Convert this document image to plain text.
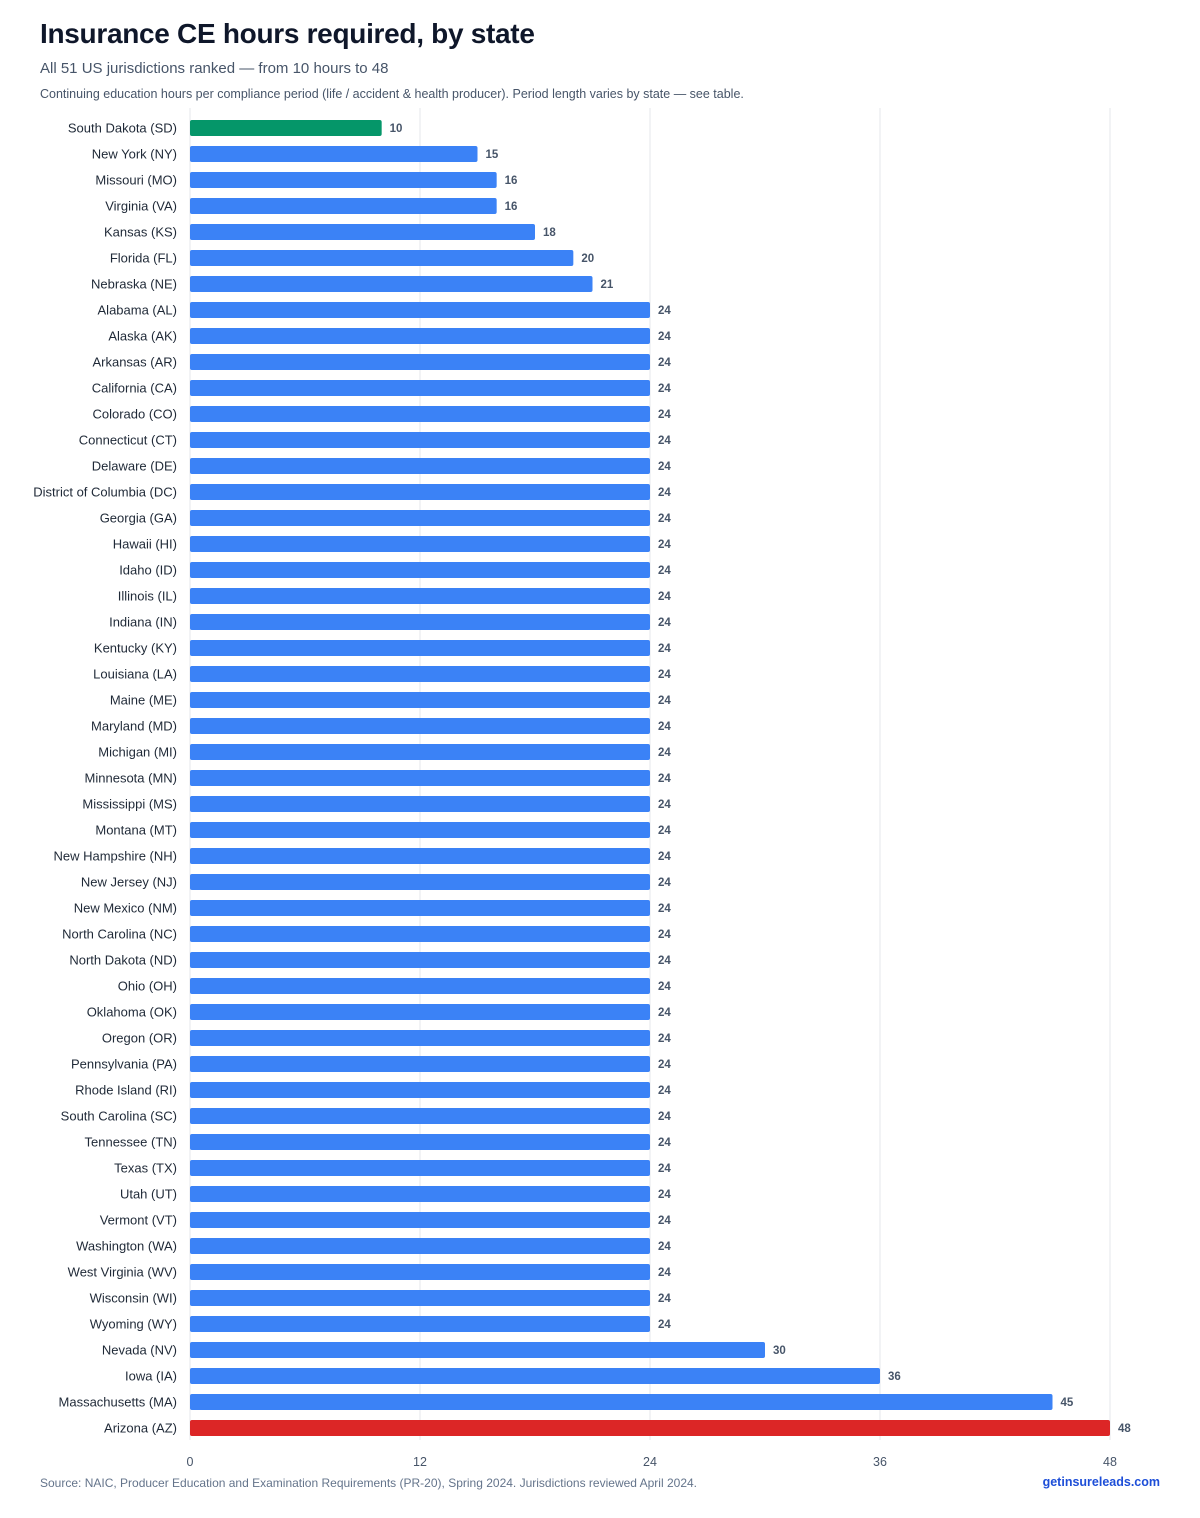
Insurance CE hours required, by state
All 51 US jurisdictions ranked — from 10 hours to 48
Continuing education hours per compliance period (life / accident & health producer). Period length varies by state — see table.
0	12	24	36	48
South Dakota (SD)	10
New York (NY)	15
Missouri (MO)	16
Virginia (VA)	16
Kansas (KS)	18
Florida (FL)	20
Nebraska (NE)	21
Alabama (AL)	24
Alaska (AK)	24
Arkansas (AR)	24
California (CA)	24
Colorado (CO)	24
Connecticut (CT)	24
Delaware (DE)	24
District of Columbia (DC)	24
Georgia (GA)	24
Hawaii (HI)	24
Idaho (ID)	24
Illinois (IL)	24
Indiana (IN)	24
Kentucky (KY)	24
Louisiana (LA)	24
Maine (ME)	24
Maryland (MD)	24
Michigan (MI)	24
Minnesota (MN)	24
Mississippi (MS)	24
Montana (MT)	24
New Hampshire (NH)	24
New Jersey (NJ)	24
New Mexico (NM)	24
North Carolina (NC)	24
North Dakota (ND)	24
Ohio (OH)	24
Oklahoma (OK)	24
Oregon (OR)	24
Pennsylvania (PA)	24
Rhode Island (RI)	24
South Carolina (SC)	24
Tennessee (TN)	24
Texas (TX)	24
Utah (UT)	24
Vermont (VT)	24
Washington (WA)	24
West Virginia (WV)	24
Wisconsin (WI)	24
Wyoming (WY)	24
Nevada (NV)	30
Iowa (IA)	36
Massachusetts (MA)	45
Arizona (AZ)	48
Source: NAIC, Producer Education and Examination Requirements (PR-20), Spring 2024. Jurisdictions reviewed April 2024.	getinsureleads.com
